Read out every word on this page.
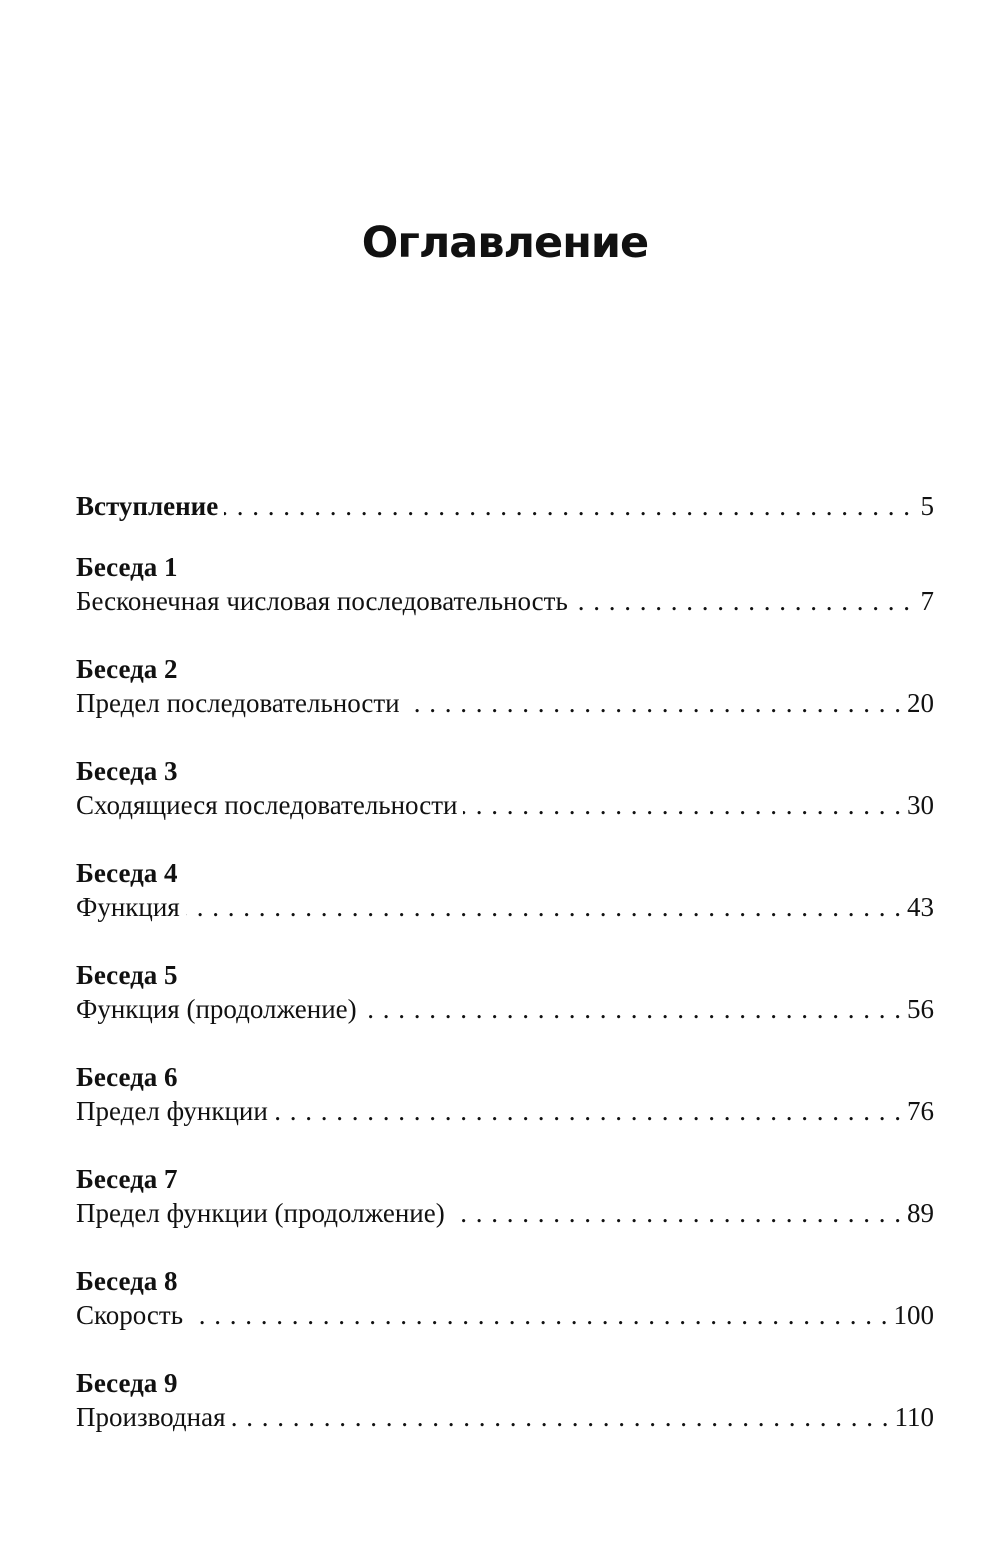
Оглавление
Вступление . . .	5
Беседа 1
Бесконечная числовая последовательность . . .	7
Беседа 2
Предел последовательности . . .	20
Беседа 3
Сходящиеся последовательности . . .	30
Беседа 4
Функция . . .	43
Беседа 5
Функция (продолжение) . . .	56
Беседа 6
Предел функции . . .	76
Беседа 7
Предел функции (продолжение) . . .	89
Беседа 8
Скорость . . .	100
Беседа 9
Производная . . .	110
